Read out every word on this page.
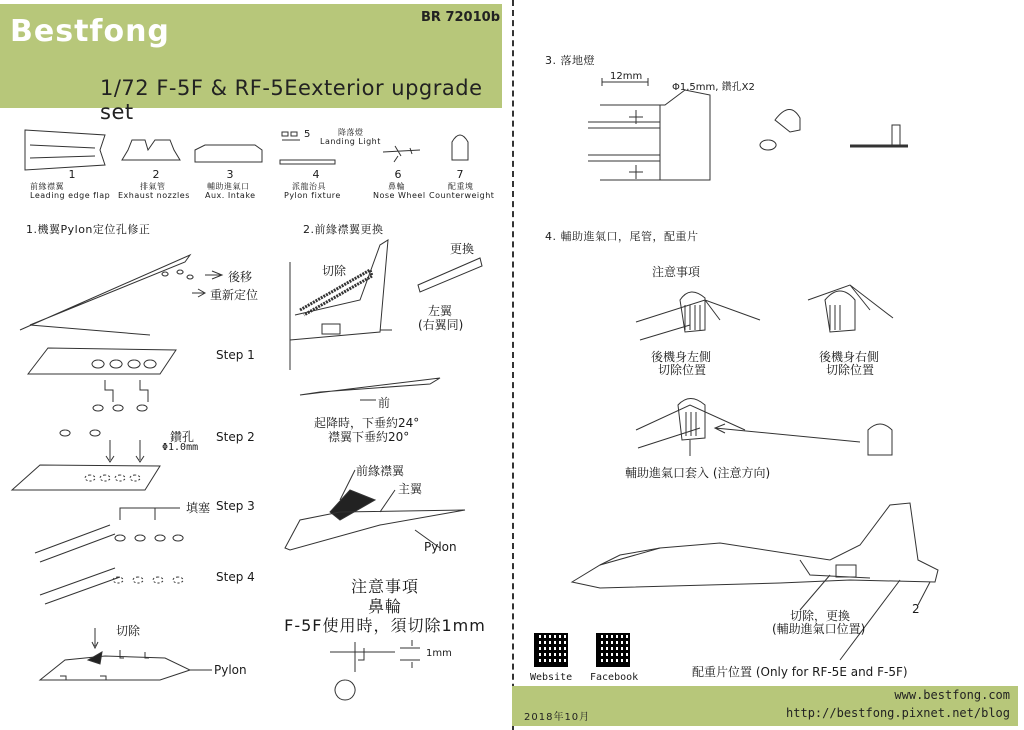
Bestfong	BR 72010b
1/72 F-5F & RF-5Eexterior upgrade set
1
前緣襟翼
Leading edge flap
2
排氣管
Exhaust nozzles
3
輔助進氣口
Aux. Intake
4
派龍治具
Pylon fixture
5	降落燈
Landing Light
6
鼻輪
Nose Wheel
7
配重塊
Counterweight
1.機翼Pylon定位孔修正
後移
重新定位
Step 1
鑽孔
Φ1.0mm
Step 2
填塞 Step 3
Step 4
切除
Pylon
2.前緣襟翼更換
更換
切除
左翼
(右翼同)
前
起降時，下垂約24°
襟翼下垂約20°
前緣襟翼
主翼
Pylon
注意事項
鼻輪
F-5F使用時，須切除1mm
1mm
3. 落地燈
12mm
Φ1.5mm, 鑽孔X2
4. 輔助進氣口，尾管，配重片
注意事項
後機身左側
切除位置
後機身右側
切除位置
輔助進氣口套入 (注意方向)
切除，更換
(輔助進氣口位置)
2
配重片位置 (Only for RF-5E and F-5F)
Website Facebook
www.bestfong.com
http://bestfong.pixnet.net/blog
2018年10月
